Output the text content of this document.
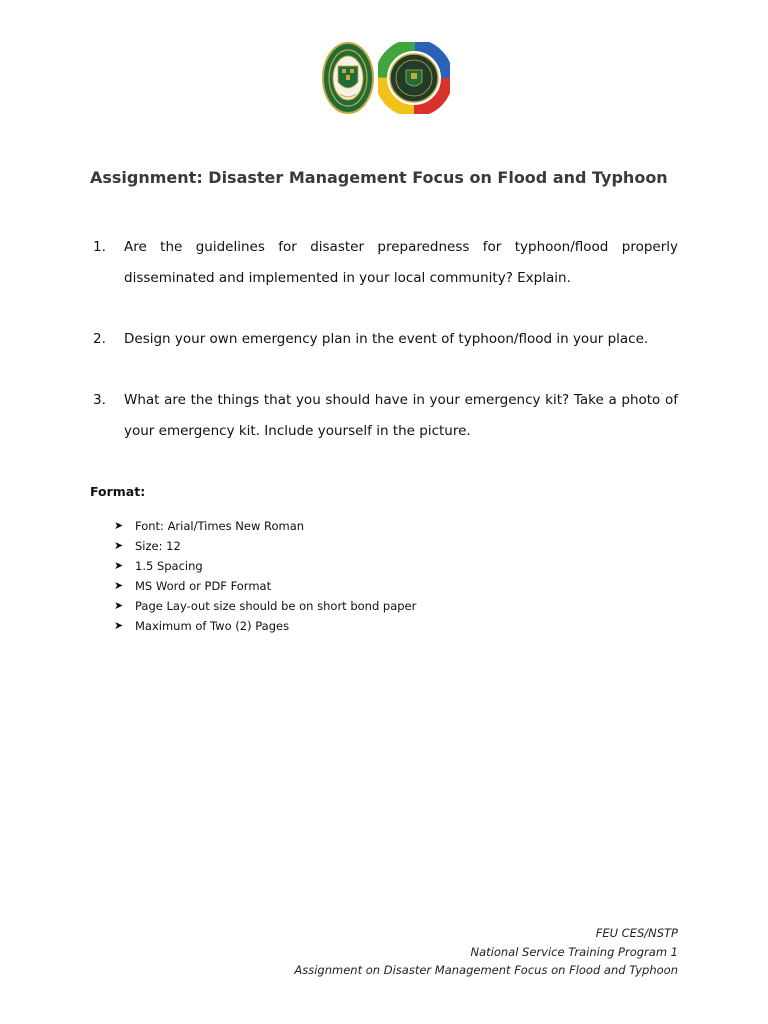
Assignment: Disaster Management Focus on Flood and Typhoon
1.	Are the guidelines for disaster preparedness for typhoon/flood properly disseminated and implemented in your local community? Explain.
2.	Design your own emergency plan in the event of typhoon/flood in your place.
3.	What are the things that you should have in your emergency kit? Take a photo of your emergency kit. Include yourself in the picture.

Format:

➤	Font: Arial/Times New Roman
➤	Size: 12
➤	1.5 Spacing
➤	MS Word or PDF Format
➤	Page Lay-out size should be on short bond paper
➤	Maximum of Two (2) Pages
FEU CES/NSTP
National Service Training Program 1
Assignment on Disaster Management Focus on Flood and Typhoon
